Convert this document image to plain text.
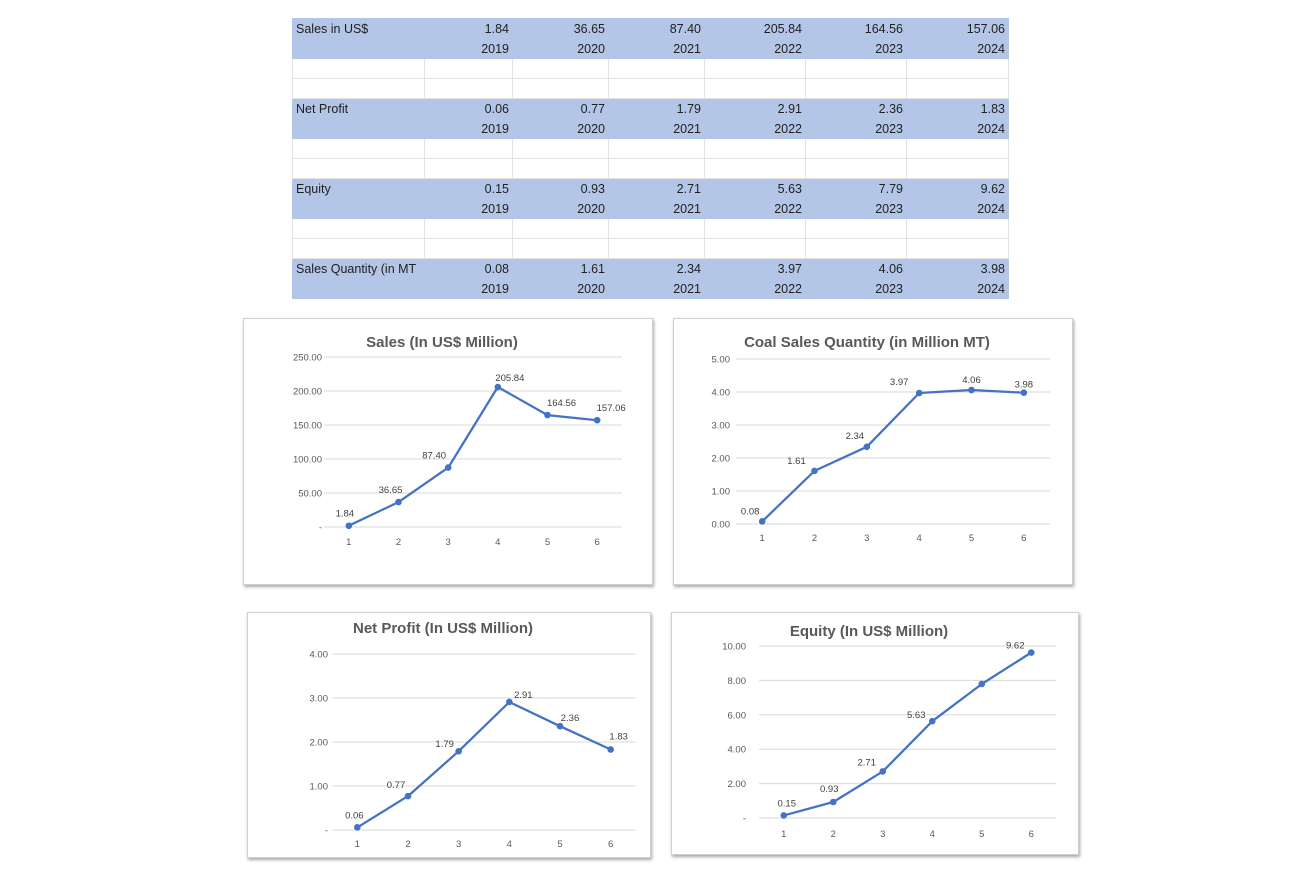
Sales in US$	1.84	36.65	87.40	205.84	164.56	157.06
	2019	2020	2021	2022	2023	2024

Net Profit	0.06	0.77	1.79	2.91	2.36	1.83
	2019	2020	2021	2022	2023	2024

Equity	0.15	0.93	2.71	5.63	7.79	9.62
	2019	2020	2021	2022	2023	2024

Sales Quantity (in MT	0.08	1.61	2.34	3.97	4.06	3.98
	2019	2020	2021	2022	2023	2024
Sales (In US$ Million)
-
50.00
100.00
150.00
200.00
250.00
1	2	3	4	5	6
1.84
36.65
87.40
205.84
164.56 157.06
Coal Sales Quantity (in Million MT)
0.00
1.00
2.00
3.00
4.00
5.00
1	2	3	4	5	6
0.08
1.61
2.34
3.97	4.06	3.98
Net Profit (In US$ Million)
-
1.00
2.00
3.00
4.00
1	2	3	4	5	6
0.06
0.77
1.79
2.91
2.36
1.83
Equity (In US$ Million)
-
2.00
4.00
6.00
8.00
10.00
1	2	3	4	5	6
0.15
0.93
2.71
5.63
9.62
